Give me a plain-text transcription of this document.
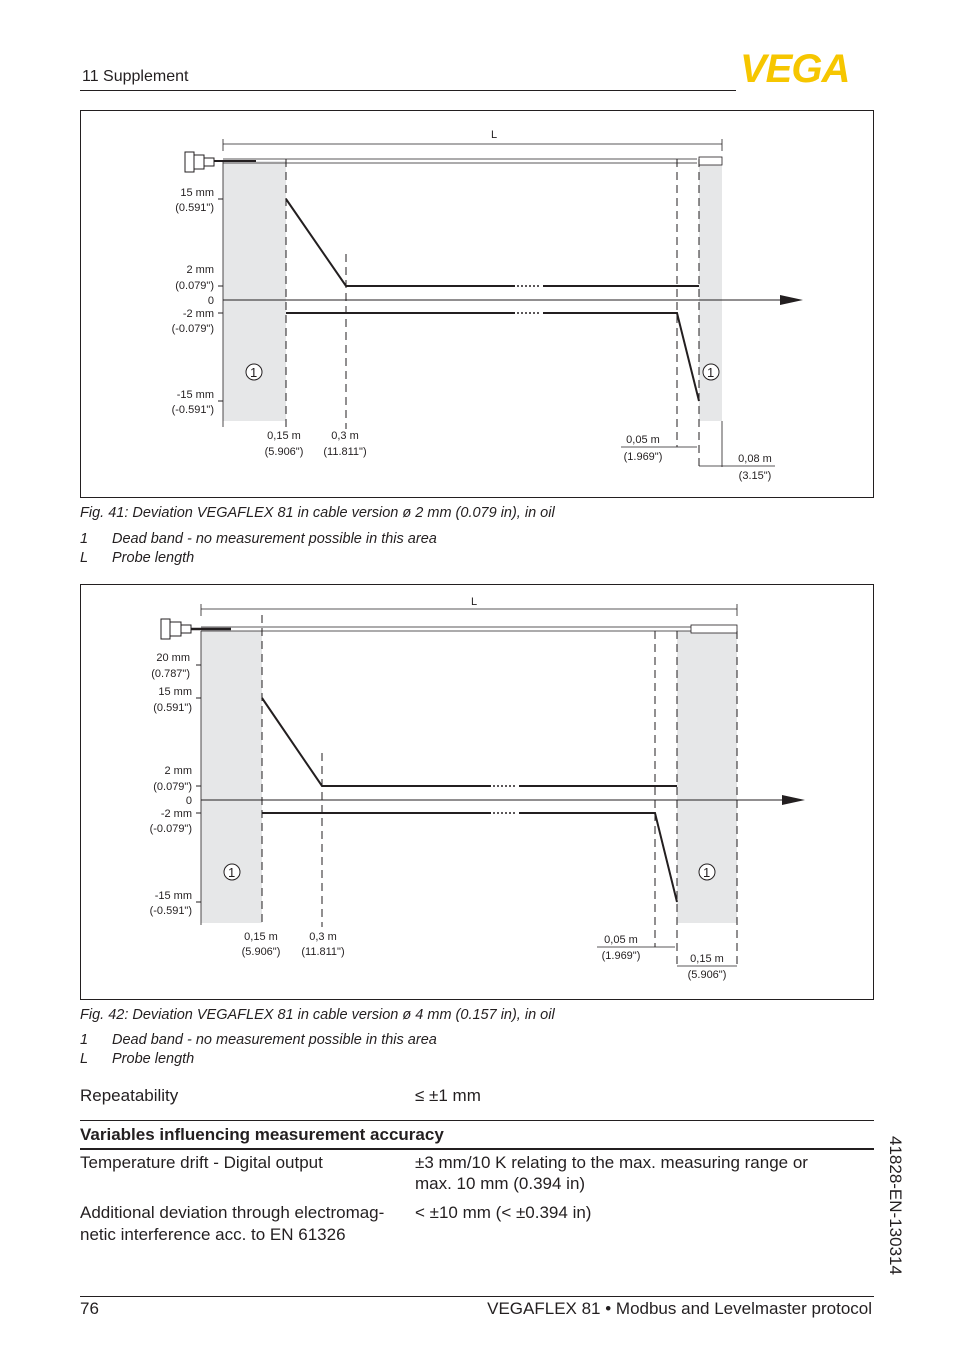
11 Supplement	VEGA
L
1	1
15 mm
(0.591")
2 mm
(0.079")
0
-2 mm
(-0.079")
-15 mm
(-0.591")
0,15 m
(5.906")
0,3 m
(11.811")
0,05 m
(1.969")	0,08 m
(3.15")
Fig. 41: Deviation VEGAFLEX 81 in cable version ø 2 mm (0.079 in), in oil
1 Dead band - no measurement possible in this area
L Probe length
L
1	1
20 mm
(0.787")
15 mm
(0.591")
2 mm
(0.079")
0
-2 mm
(-0.079")
-15 mm
(-0.591")
0,15 m
(5.906")
0,3 m
(11.811")
0,05 m
(1.969")	0,15 m
(5.906")
Fig. 42: Deviation VEGAFLEX 81 in cable version ø 4 mm (0.157 in), in oil
1 Dead band - no measurement possible in this area
L Probe length
Repeatability	≤ ±1 mm
Variables influencing measurement accuracy
Temperature drift - Digital output	±3 mm/10 K relating to the max. measuring range or
max. 10 mm (0.394 in)
Additional deviation through electromag-
netic interference acc. to EN 61326
< ±10 mm (< ±0.394 in)	41828-EN-130314
76	VEGAFLEX 81 • Modbus and Levelmaster protocol
